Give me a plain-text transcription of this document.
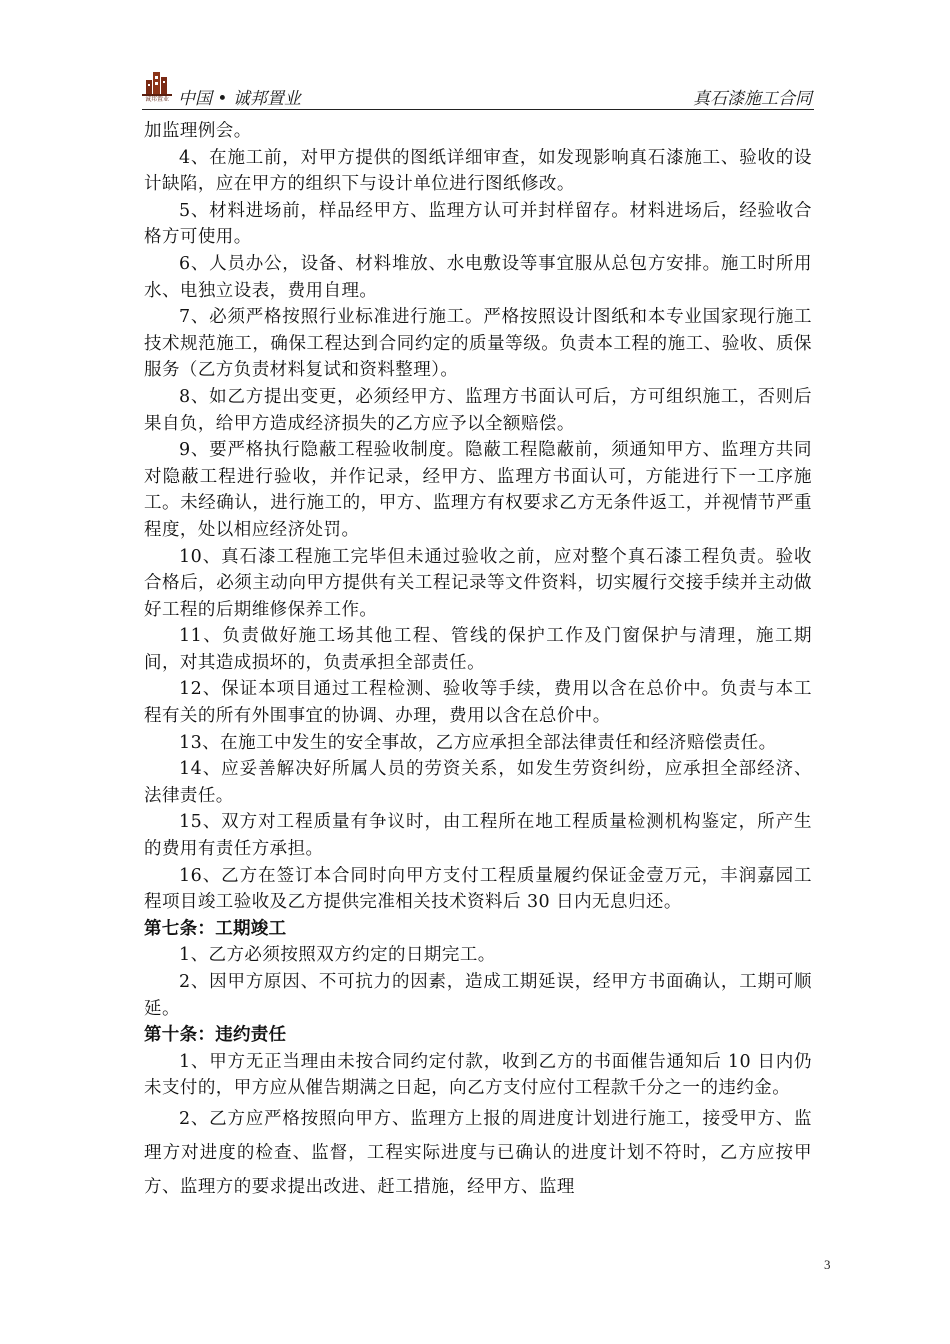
诚邦置业 中国 • 诚邦置业	真石漆施工合同

加监理例会。

4、在施工前，对甲方提供的图纸详细审查，如发现影响真石漆施工、验收的设计缺陷，应在甲方的组织下与设计单位进行图纸修改。

5、材料进场前，样品经甲方、监理方认可并封样留存。材料进场后，经验收合格方可使用。

6、人员办公，设备、材料堆放、水电敷设等事宜服从总包方安排。施工时所用水、电独立设表，费用自理。

7、必须严格按照行业标准进行施工。严格按照设计图纸和本专业国家现行施工技术规范施工，确保工程达到合同约定的质量等级。负责本工程的施工、验收、质保服务（乙方负责材料复试和资料整理）。

8、如乙方提出变更，必须经甲方、监理方书面认可后，方可组织施工，否则后果自负，给甲方造成经济损失的乙方应予以全额赔偿。

9、要严格执行隐蔽工程验收制度。隐蔽工程隐蔽前，须通知甲方、监理方共同对隐蔽工程进行验收，并作记录，经甲方、监理方书面认可，方能进行下一工序施工。未经确认，进行施工的，甲方、监理方有权要求乙方无条件返工，并视情节严重程度，处以相应经济处罚。

10、真石漆工程施工完毕但未通过验收之前，应对整个真石漆工程负责。验收合格后，必须主动向甲方提供有关工程记录等文件资料，切实履行交接手续并主动做好工程的后期维修保养工作。

11、负责做好施工场其他工程、管线的保护工作及门窗保护与清理，施工期间，对其造成损坏的，负责承担全部责任。

12、保证本项目通过工程检测、验收等手续，费用以含在总价中。负责与本工程有关的所有外围事宜的协调、办理，费用以含在总价中。

13、在施工中发生的安全事故，乙方应承担全部法律责任和经济赔偿责任。

14、应妥善解决好所属人员的劳资关系，如发生劳资纠纷，应承担全部经济、法律责任。

15、双方对工程质量有争议时，由工程所在地工程质量检测机构鉴定，所产生的费用有责任方承担。

16、乙方在签订本合同时向甲方支付工程质量履约保证金壹万元，丰润嘉园工程项目竣工验收及乙方提供完准相关技术资料后 30 日内无息归还。

第七条：工期竣工

1、乙方必须按照双方约定的日期完工。

2、因甲方原因、不可抗力的因素，造成工期延误，经甲方书面确认，工期可顺延。

第十条：违约责任

1、甲方无正当理由未按合同约定付款，收到乙方的书面催告通知后 10 日内仍未支付的，甲方应从催告期满之日起，向乙方支付应付工程款千分之一的违约金。

2、乙方应严格按照向甲方、监理方上报的周进度计划进行施工，接受甲方、监理方对进度的检查、监督，工程实际进度与已确认的进度计划不符时，乙方应按甲方、监理方的要求提出改进、赶工措施，经甲方、监理

3
